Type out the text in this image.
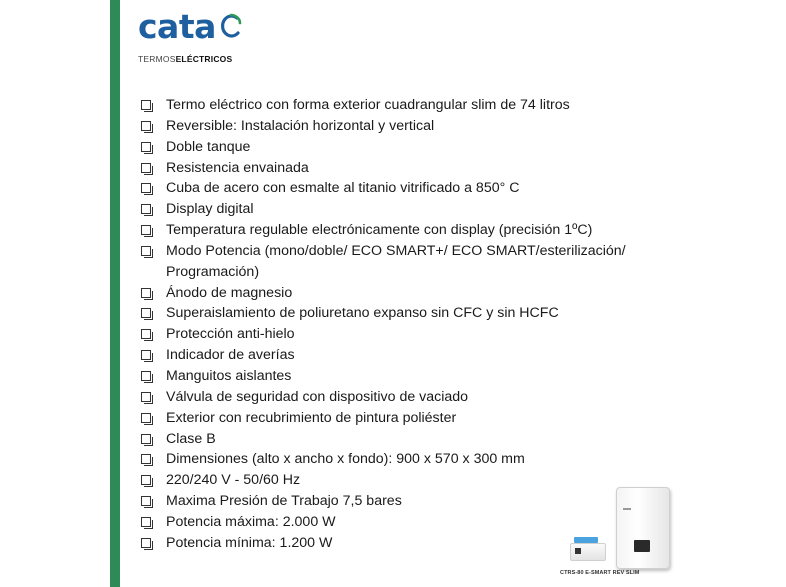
cata
TERMOSELÉCTRICOS
Termo eléctrico con forma exterior cuadrangular slim de 74 litros
Reversible: Instalación horizontal y vertical
Doble tanque
Resistencia envainada
Cuba de acero con esmalte al titanio vitrificado a 850° C
Display digital
Temperatura regulable electrónicamente con display (precisión 1ºC)
Modo Potencia (mono/doble/ ECO SMART+/ ECO SMART/esterilización/ Programación)
Ánodo de magnesio
Superaislamiento de poliuretano expanso sin CFC y sin HCFC
Protección anti-hielo
Indicador de averías
Manguitos aislantes
Válvula de seguridad con dispositivo de vaciado
Exterior con recubrimiento de pintura poliéster
Clase B
Dimensiones (alto x ancho x fondo): 900 x 570 x 300 mm
220/240 V - 50/60 Hz
Maxima Presión de Trabajo 7,5 bares
Potencia máxima: 2.000 W
Potencia mínima: 1.200 W
CTRS-80 E-SMART REV SLIM
